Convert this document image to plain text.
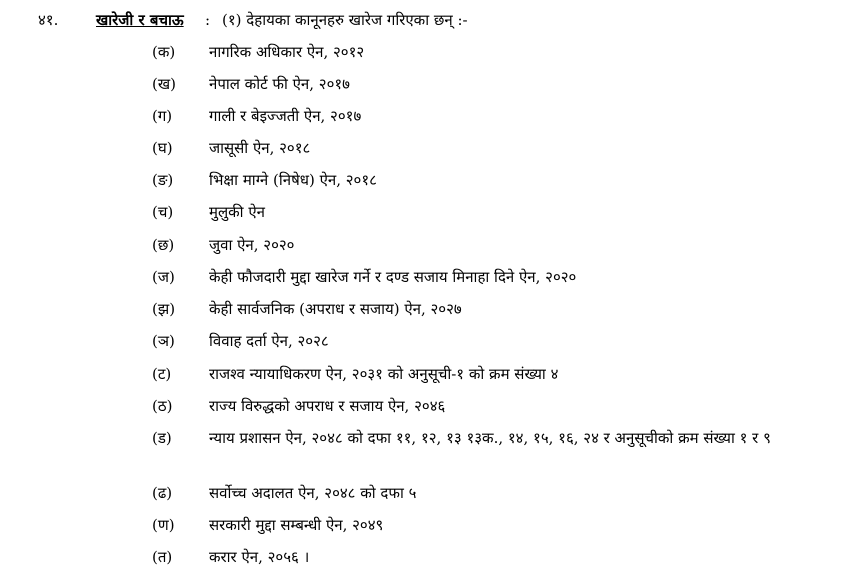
४१.	खारेजी र बचाऊ : (१) देहायका कानूनहरु खारेज गरिएका छन् :-
(क) नागरिक अधिकार ऐन, २०१२
(ख) नेपाल कोर्ट फी ऐन, २०१७
(ग) गाली र बेइज्जती ऐन, २०१७
(घ) जासूसी ऐन, २०१८
(ङ) भिक्षा माग्ने (निषेध) ऐन, २०१८
(च) मुलुकी ऐन
(छ) जुवा ऐन, २०२०
(ज) केही फौजदारी मुद्दा खारेज गर्ने र दण्ड सजाय मिनाहा दिने ऐन, २०२०
(झ) केही सार्वजनिक (अपराध र सजाय) ऐन, २०२७
(ञ) विवाह दर्ता ऐन, २०२८
(ट)	राजश्व न्यायाधिकरण ऐन, २०३१ को अनुसूची-१ को क्रम संख्या ४
(ठ) राज्य विरुद्धको अपराध र सजाय ऐन, २०४६
(ड) न्याय प्रशासन ऐन, २०४८ को दफा ११, १२, १३ १३क., १४, १५, १६, २४ र अनुसूचीको क्रम संख्या १ र ९
(ढ) सर्वोच्च अदालत ऐन, २०४८ को दफा ५
(ण) सरकारी मुद्दा सम्बन्धी ऐन, २०४९
(त) करार ऐन, २०५६ ।
